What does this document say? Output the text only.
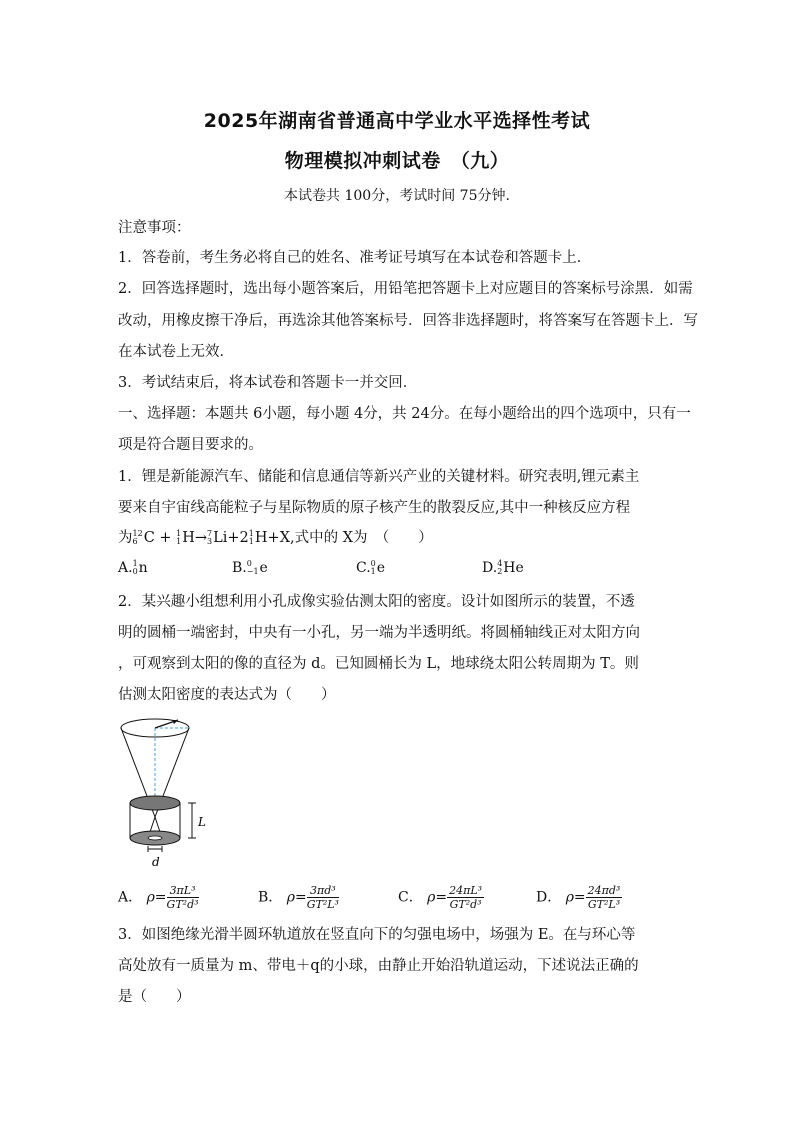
2025年湖南省普通高中学业水平选择性考试
物理模拟冲刺试卷　（九）
本试卷共 100分，考试时间 75分钟.
注意事项：
1．答卷前，考生务必将自己的姓名、准考证号填写在本试卷和答题卡上．
2．回答选择题时，选出每小题答案后，用铅笔把答题卡上对应题目的答案标号涂黑．如需
改动，用橡皮擦干净后，再选涂其他答案标号．回答非选择题时，将答案写在答题卡上．写
在本试卷上无效．
3．考试结束后，将本试卷和答题卡一并交回．
一、选择题：本题共 6小题，每小题 4分，共 24分。在每小题给出的四个选项中，只有一
项是符合题目要求的。
1．锂是新能源汽车、储能和信息通信等新兴产业的关键材料。研究表明,锂元素主
要来自宇宙线高能粒子与星际物质的原子核产生的散裂反应,其中一种核反应方程
为 12
6 C + 1
1 H→ 7
3 Li+2 1
1 H+X,式中的 X为　（　　）
A. 1
0 n	B. 0
−1 e	C. 0
1 e	D. 4
2 He
2．某兴趣小组想利用小孔成像实验估测太阳的密度。设计如图所示的装置，不透
明的圆桶一端密封，中央有一小孔，另一端为半透明纸。将圆桶轴线正对太阳方向
，可观察到太阳的像的直径为 d。已知圆桶长为 L，地球绕太阳公转周期为 T。则
估测太阳密度的表达式为（　　）
L
d
A． $\rho= \frac{\text{3πL³}}{\text{GT²d³}}$	B． $\rho= \frac{\text{3πd³}}{\text{GT²L³}}$	C． $\rho= \frac{\text{24πL³}}{\text{GT²d³}}$	D． $\rho= \frac{\text{24πd³}}{\text{GT²L³}}$
3．如图绝缘光滑半圆环轨道放在竖直向下的匀强电场中，场强为 E。在与环心等
高处放有一质量为 m、带电＋q的小球，由静止开始沿轨道运动，下述说法正确的
是（　　）
